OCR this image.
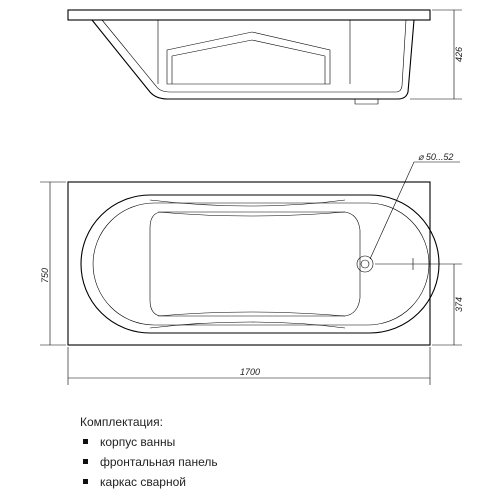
426
⌀ 50...52
750
374
1700
Комплектация:
корпус ванны
фронтальная панель
каркас сварной
